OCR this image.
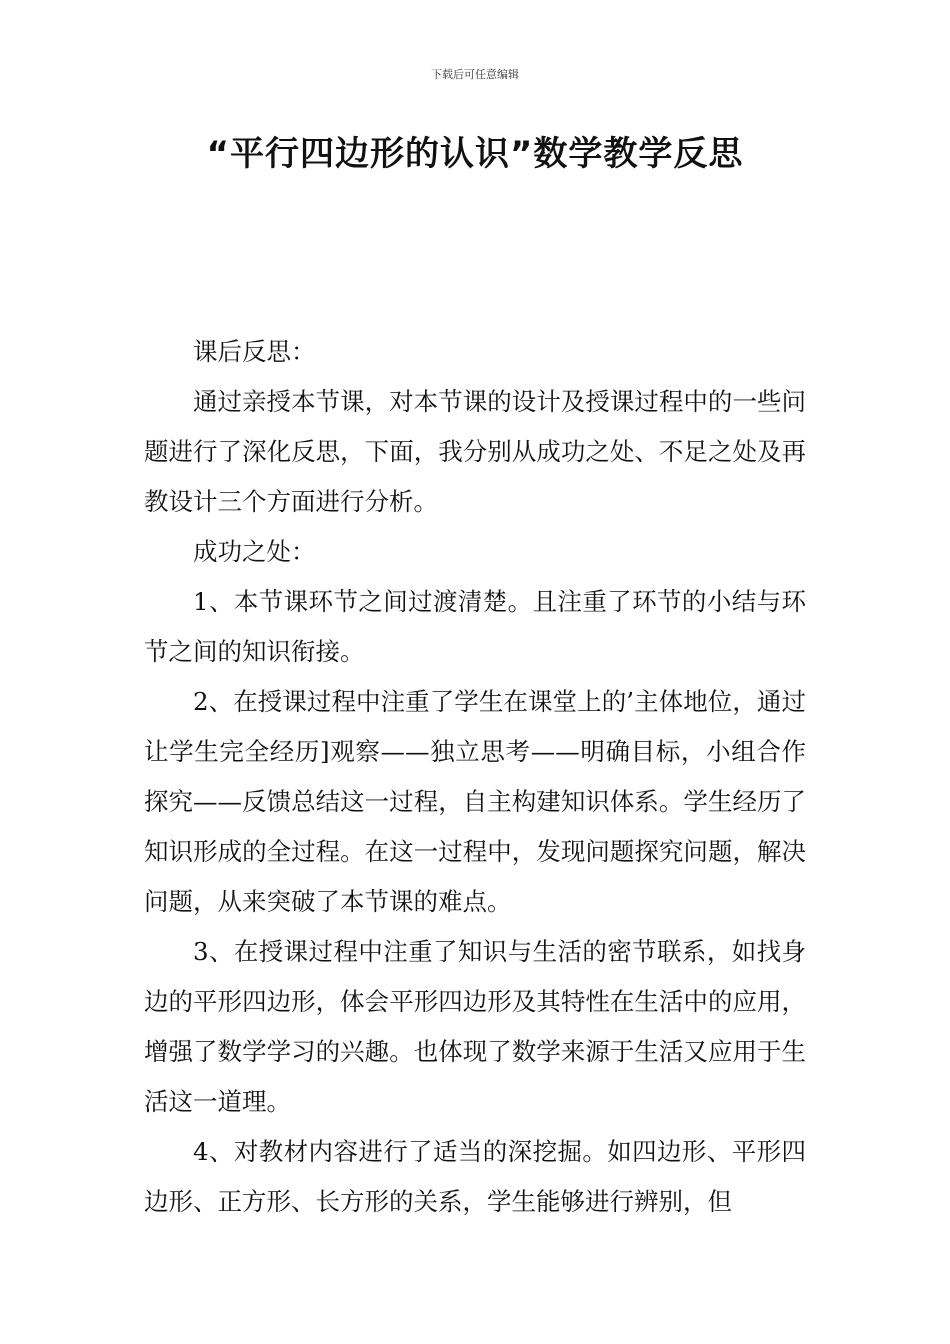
下载后可任意编辑
“平行四边形的认识”数学教学反思

课后反思：

通过亲授本节课，对本节课的设计及授课过程中的一些问题进行了深化反思，下面，我分别从成功之处、不足之处及再教设计三个方面进行分析。

成功之处：

1、本节课环节之间过渡清楚。且注重了环节的小结与环节之间的知识衔接。

2、在授课过程中注重了学生在课堂上的’主体地位，通过让学生完全经历]观察——独立思考——明确目标，小组合作探究——反馈总结这一过程，自主构建知识体系。学生经历了知识形成的全过程。在这一过程中，发现问题探究问题，解决问题，从来突破了本节课的难点。

3、在授课过程中注重了知识与生活的密节联系，如找身边的平形四边形，体会平形四边形及其特性在生活中的应用，增强了数学学习的兴趣。也体现了数学来源于生活又应用于生活这一道理。

4、对教材内容进行了适当的深挖掘。如四边形、平形四边形、正方形、长方形的关系，学生能够进行辨别，但
